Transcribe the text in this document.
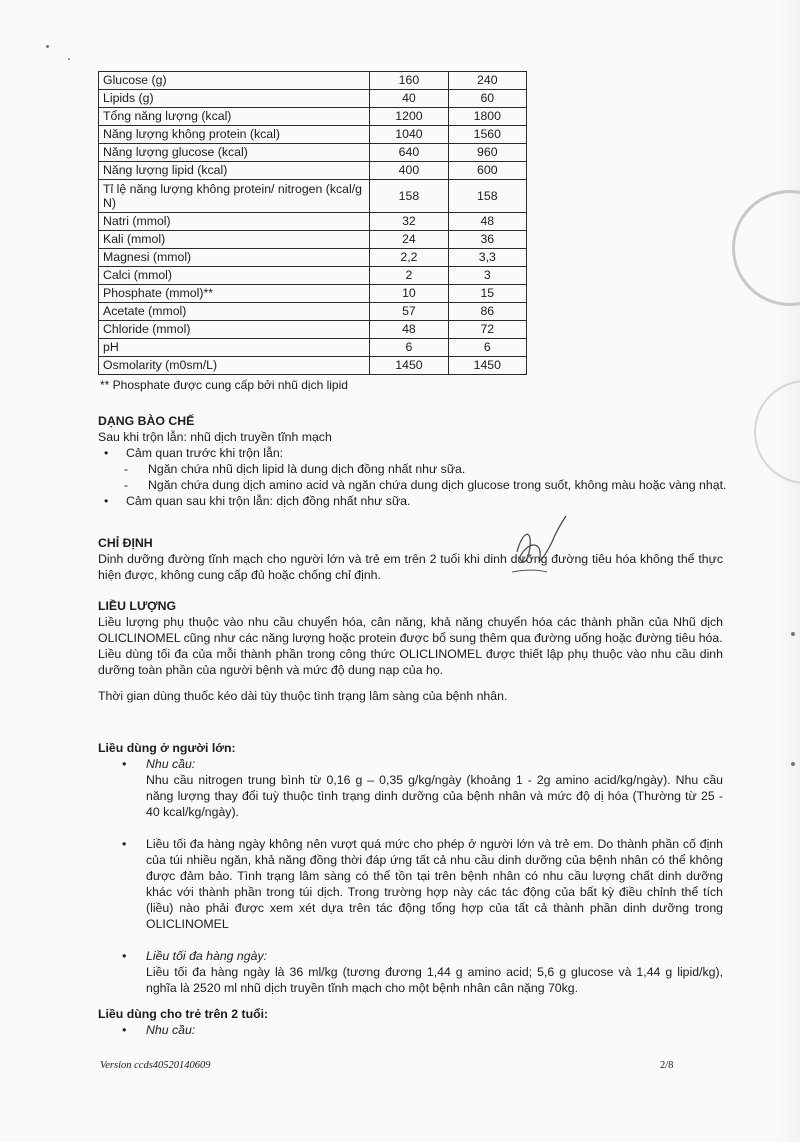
Glucose (g)	160	240
Lipids (g)	40	60
Tổng năng lượng (kcal)	1200	1800
Năng lượng không protein (kcal)	1040	1560
Năng lượng glucose (kcal)	640	960
Năng lượng lipid (kcal)	400	600
Tỉ lệ năng lượng không protein/ nitrogen (kcal/g N)	158	158
Natri (mmol)	32	48
Kali (mmol)	24	36
Magnesi (mmol)	2,2	3,3
Calci (mmol)	2	3
Phosphate (mmol)**	10	15
Acetate (mmol)	57	86
Chloride (mmol)	48	72
pH	6	6
Osmolarity (m0sm/L)	1450	1450
** Phosphate được cung cấp bởi nhũ dịch lipid
DẠNG BÀO CHẾ

Sau khi trộn lẫn: nhũ dịch truyền tĩnh mạch

• Cảm quan trước khi trộn lẫn:

- Ngăn chứa nhũ dịch lipid là dung dịch đồng nhất như sữa.

- Ngăn chứa dung dịch amino acid và ngăn chứa dung dịch glucose trong suốt, không màu hoặc vàng nhạt.

• Cảm quan sau khi trộn lẫn: dịch đồng nhất như sữa.

CHỈ ĐỊNH

Dinh dưỡng đường tĩnh mạch cho người lớn và trẻ em trên 2 tuổi khi dinh dưỡng đường tiêu hóa không thể thực hiện được, không cung cấp đủ hoặc chống chỉ định.

LIỀU LƯỢNG

Liều lượng phụ thuộc vào nhu cầu chuyển hóa, cân năng, khả năng chuyển hóa các thành phần của Nhũ dịch OLICLINOMEL cũng như các năng lượng hoặc protein được bổ sung thêm qua đường uống hoặc đường tiêu hóa.

Liều dùng tối đa của mỗi thành phần trong công thức OLICLINOMEL được thiết lập phụ thuộc vào nhu cầu dinh dưỡng toàn phần của người bệnh và mức độ dung nạp của họ.

Thời gian dùng thuốc kéo dài tùy thuộc tình trạng lâm sàng của bệnh nhân.

Liều dùng ở người lớn:

• Nhu cầu:

Nhu cầu nitrogen trung bình từ 0,16 g – 0,35 g/kg/ngày (khoảng 1 - 2g amino acid/kg/ngày). Nhu cầu năng lượng thay đổi tuỳ thuộc tình trạng dinh dưỡng của bệnh nhân và mức độ dị hóa (Thường từ 25 - 40 kcal/kg/ngày).

• Liều tối đa hàng ngày không nên vượt quá mức cho phép ở người lớn và trẻ em. Do thành phần cố định của túi nhiều ngăn, khả năng đồng thời đáp ứng tất cả nhu cầu dinh dưỡng của bệnh nhân có thể không được đảm bảo. Tình trạng lâm sàng có thể tồn tại trên bệnh nhân có nhu cầu lượng chất dinh dưỡng khác với thành phần trong túi dịch. Trong trường hợp này các tác động của bất kỳ điều chỉnh thể tích (liều) nào phải được xem xét dựa trên tác động tổng hợp của tất cả thành phần dinh dưỡng trong OLICLINOMEL

• Liều tối đa hàng ngày:

Liều tối đa hàng ngày là 36 ml/kg (tương đương 1,44 g amino acid; 5,6 g glucose và 1,44 g lipid/kg), nghĩa là 2520 ml nhũ dịch truyền tĩnh mạch cho một bệnh nhân cân nặng 70kg.

Liều dùng cho trẻ trên 2 tuổi:

• Nhu cầu:

Version ccds40520140609	2/8
